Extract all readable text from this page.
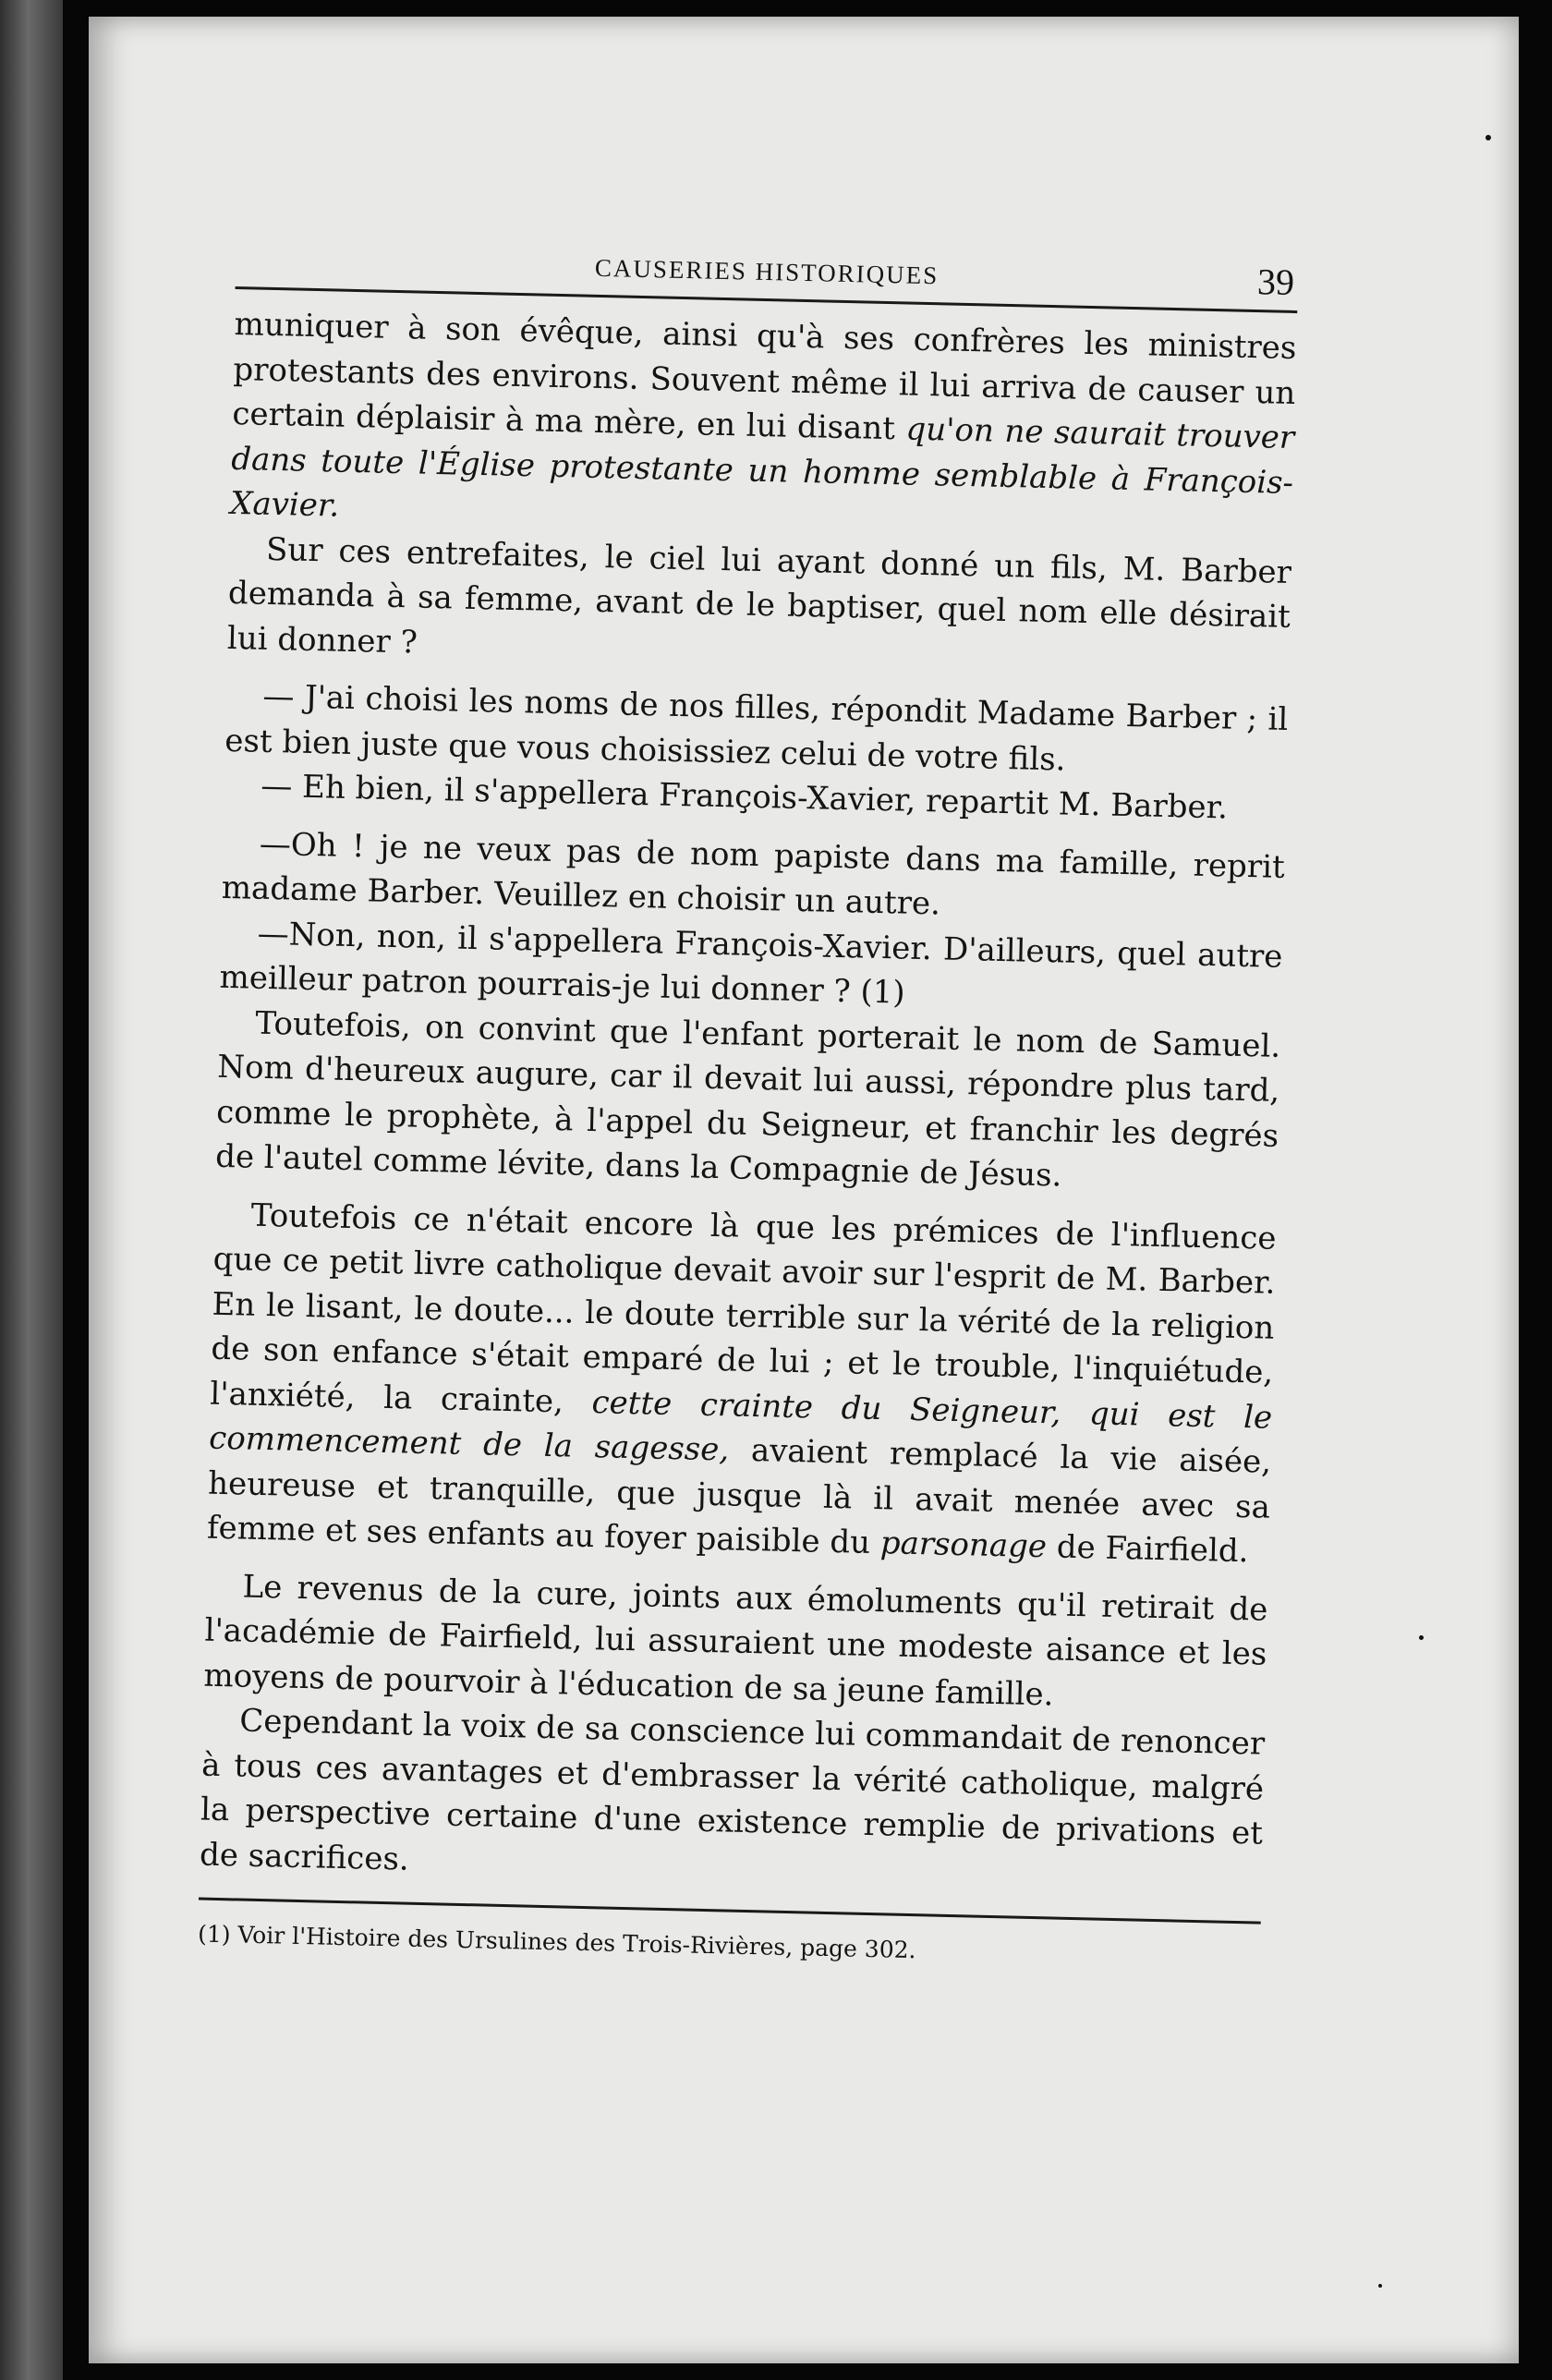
CAUSERIES HISTORIQUES	39

muniquer à son évêque, ainsi qu'à ses confrères les ministres protestants des environs. Souvent même il lui arriva de causer un certain déplaisir à ma mère, en lui disant qu'on ne saurait trouver dans toute l'Église protestante un homme semblable à François-Xavier.

Sur ces entrefaites, le ciel lui ayant donné un fils, M. Barber demanda à sa femme, avant de le baptiser, quel nom elle désirait lui donner ?

— J'ai choisi les noms de nos filles, répondit Madame Barber ; il est bien juste que vous choisissiez celui de votre fils.

— Eh bien, il s'appellera François-Xavier, repartit M. Barber.

—Oh ! je ne veux pas de nom papiste dans ma famille, reprit madame Barber. Veuillez en choisir un autre.

—Non, non, il s'appellera François-Xavier. D'ailleurs, quel autre meilleur patron pourrais-je lui donner ? (1)

Toutefois, on convint que l'enfant porterait le nom de Samuel. Nom d'heureux augure, car il devait lui aussi, répondre plus tard, comme le prophète, à l'appel du Seigneur, et franchir les degrés de l'autel comme lévite, dans la Compagnie de Jésus.

Toutefois ce n'était encore là que les prémices de l'influence que ce petit livre catholique devait avoir sur l'esprit de M. Barber. En le lisant, le doute... le doute terrible sur la vérité de la religion de son enfance s'était emparé de lui ; et le trouble, l'inquiétude, l'anxiété, la crainte, cette crainte du Seigneur, qui est le commencement de la sagesse, avaient remplacé la vie aisée, heureuse et tranquille, que jusque là il avait menée avec sa femme et ses enfants au foyer paisible du parsonage de Fairfield.

Le revenus de la cure, joints aux émoluments qu'il retirait de l'académie de Fairfield, lui assuraient une modeste aisance et les moyens de pourvoir à l'éducation de sa jeune famille.

Cependant la voix de sa conscience lui commandait de renoncer à tous ces avantages et d'embrasser la vérité catholique, malgré la perspective certaine d'une existence remplie de privations et de sacrifices.

(1) Voir l'Histoire des Ursulines des Trois-Rivières, page 302.
